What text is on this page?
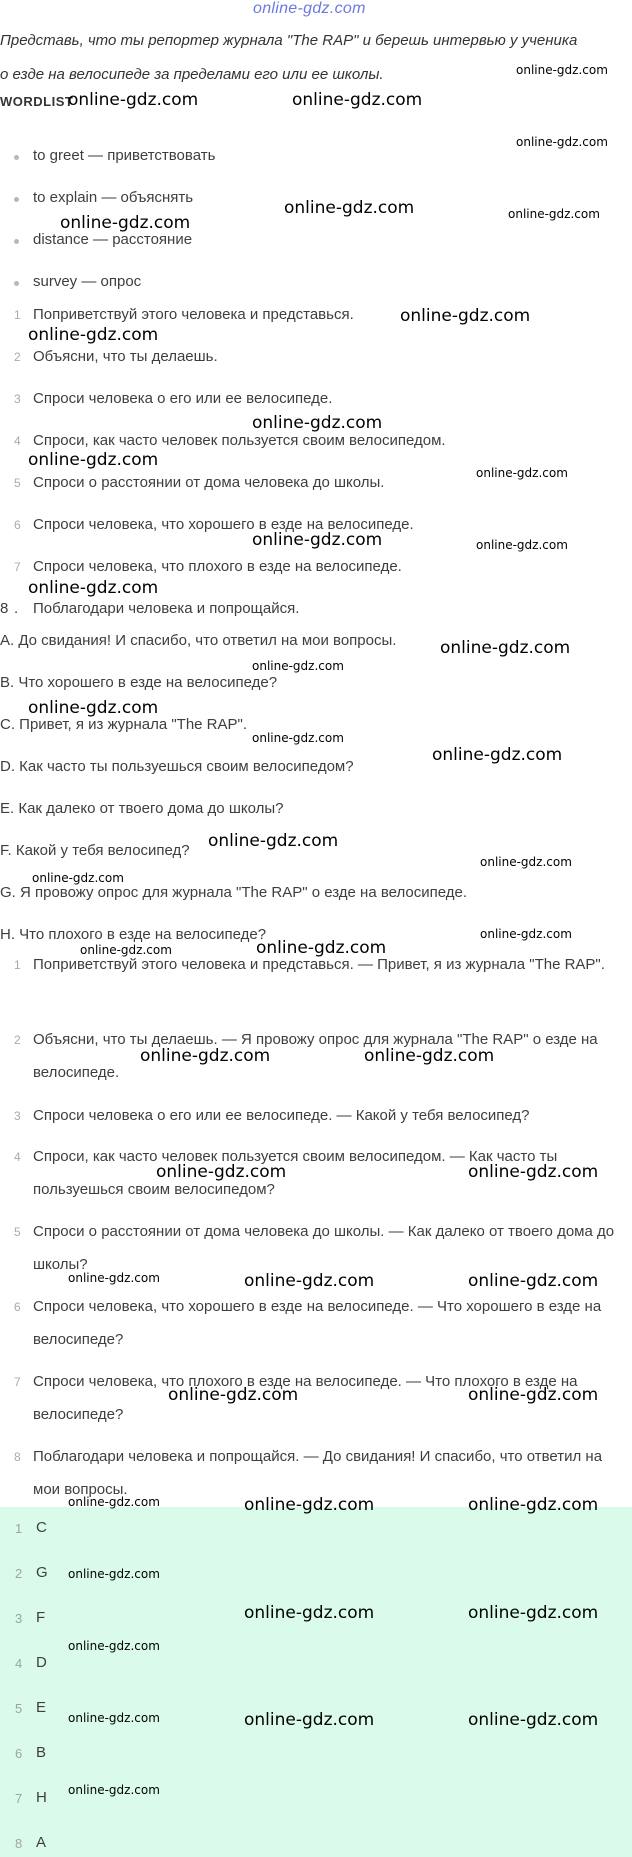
online-gdz.com
Представь, что ты репортер журнала "The RAP" и берешь интервью у ученика
о езде на велосипеде за пределами его или ее школы.
WORDLIST
to greet — приветствовать
to explain — объяснять
distance — расстояние
survey — опрос
1 Поприветствуй этого человека и представься.
2 Объясни, что ты делаешь.
3 Спроси человека о его или ее велосипеде.
4 Спроси, как часто человек пользуется своим велосипедом.
5 Спроси о расстоянии от дома человека до школы.
6 Спроси человека, что хорошего в езде на велосипеде.
7 Спроси человека, что плохого в езде на велосипеде.
8 . Поблагодари человека и попрощайся.
A. До свидания! И спасибо, что ответил на мои вопросы.
B. Что хорошего в езде на велосипеде?
C. Привет, я из журнала "The RAP".
D. Как часто ты пользуешься своим велосипедом?
E. Как далеко от твоего дома до школы?
F. Какой у тебя велосипед?
G. Я провожу опрос для журнала "The RAP" о езде на велосипеде.
H. Что плохого в езде на велосипеде?
1 Поприветствуй этого человека и представься. — Привет, я из журнала "The RAP".
2 Объясни, что ты делаешь. — Я провожу опрос для журнала "The RAP" о езде на велосипеде.
3 Спроси человека о его или ее велосипеде. — Какой у тебя велосипед?
4 Спроси, как часто человек пользуется своим велосипедом. — Как часто ты пользуешься своим велосипедом?
5 Спроси о расстоянии от дома человека до школы. — Как далеко от твоего дома до школы?
6 Спроси человека, что хорошего в езде на велосипеде. — Что хорошего в езде на велосипеде?
7 Спроси человека, что плохого в езде на велосипеде. — Что плохого в езде на велосипеде?
8 Поблагодари человека и попрощайся. — До свидания! И спасибо, что ответил на мои вопросы.
1 C
2 G
3 F
4 D
5 E
6 B
7 H
8 A
online-gdz.com
online-gdz.com	online-gdz.com
online-gdz.com
online-gdz.com	online-gdz.com
online-gdz.com
online-gdz.com
online-gdz.com
online-gdz.com
online-gdz.com
online-gdz.com
online-gdz.com	online-gdz.com
online-gdz.com
online-gdz.com
online-gdz.com
online-gdz.com
online-gdz.com
online-gdz.com
online-gdz.com
online-gdz.com
online-gdz.com
online-gdz.com
online-gdz.com	online-gdz.com
online-gdz.com	online-gdz.com
online-gdz.com	online-gdz.com
online-gdz.com	online-gdz.com	online-gdz.com
online-gdz.com	online-gdz.com
online-gdz.com	online-gdz.com	online-gdz.com
online-gdz.com
online-gdz.com	online-gdz.com
online-gdz.com
online-gdz.com	online-gdz.com	online-gdz.com
online-gdz.com
